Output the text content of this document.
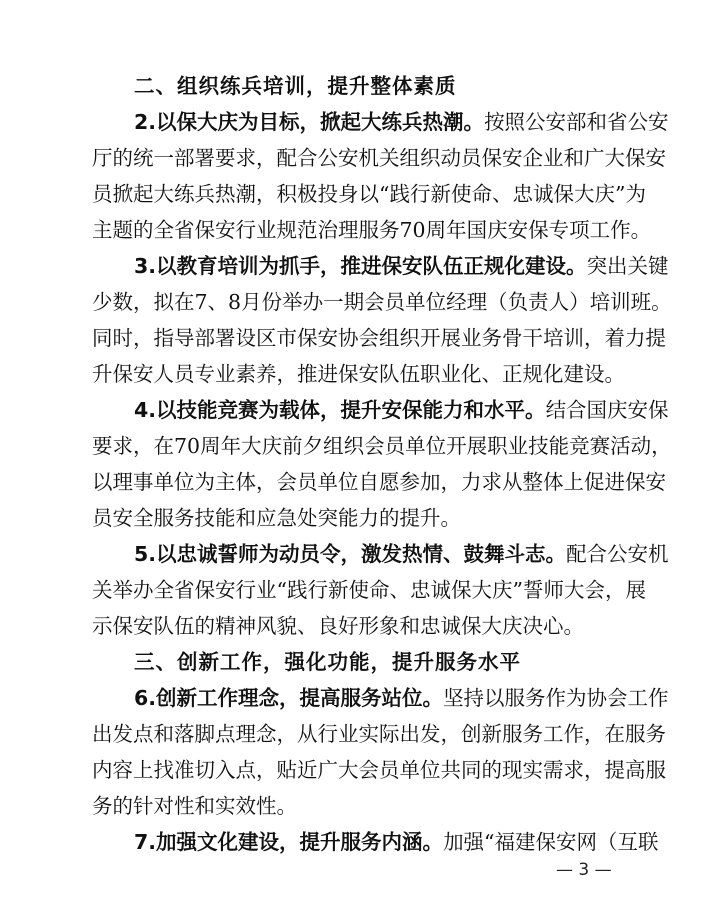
二、组织练兵培训，提升整体素质
2.以保大庆为目标，掀起大练兵热潮。按照公安部和省公安
厅的统一部署要求，配合公安机关组织动员保安企业和广大保安
员掀起大练兵热潮，积极投身以“践行新使命、忠诚保大庆”为
主题的全省保安行业规范治理服务70周年国庆安保专项工作。
3.以教育培训为抓手，推进保安队伍正规化建设。突出关键
少数，拟在7、8月份举办一期会员单位经理（负责人）培训班。
同时，指导部署设区市保安协会组织开展业务骨干培训，着力提
升保安人员专业素养，推进保安队伍职业化、正规化建设。
4.以技能竞赛为载体，提升安保能力和水平。结合国庆安保
要求，在70周年大庆前夕组织会员单位开展职业技能竞赛活动，
以理事单位为主体，会员单位自愿参加，力求从整体上促进保安
员安全服务技能和应急处突能力的提升。
5.以忠诚誓师为动员令，激发热情、鼓舞斗志。配合公安机
关举办全省保安行业“践行新使命、忠诚保大庆”誓师大会，展
示保安队伍的精神风貌、良好形象和忠诚保大庆决心。
三、创新工作，强化功能，提升服务水平
6.创新工作理念，提高服务站位。坚持以服务作为协会工作
出发点和落脚点理念，从行业实际出发，创新服务工作，在服务
内容上找准切入点，贴近广大会员单位共同的现实需求，提高服
务的针对性和实效性。
7.加强文化建设，提升服务内涵。加强“福建保安网（互联
— 3 —
